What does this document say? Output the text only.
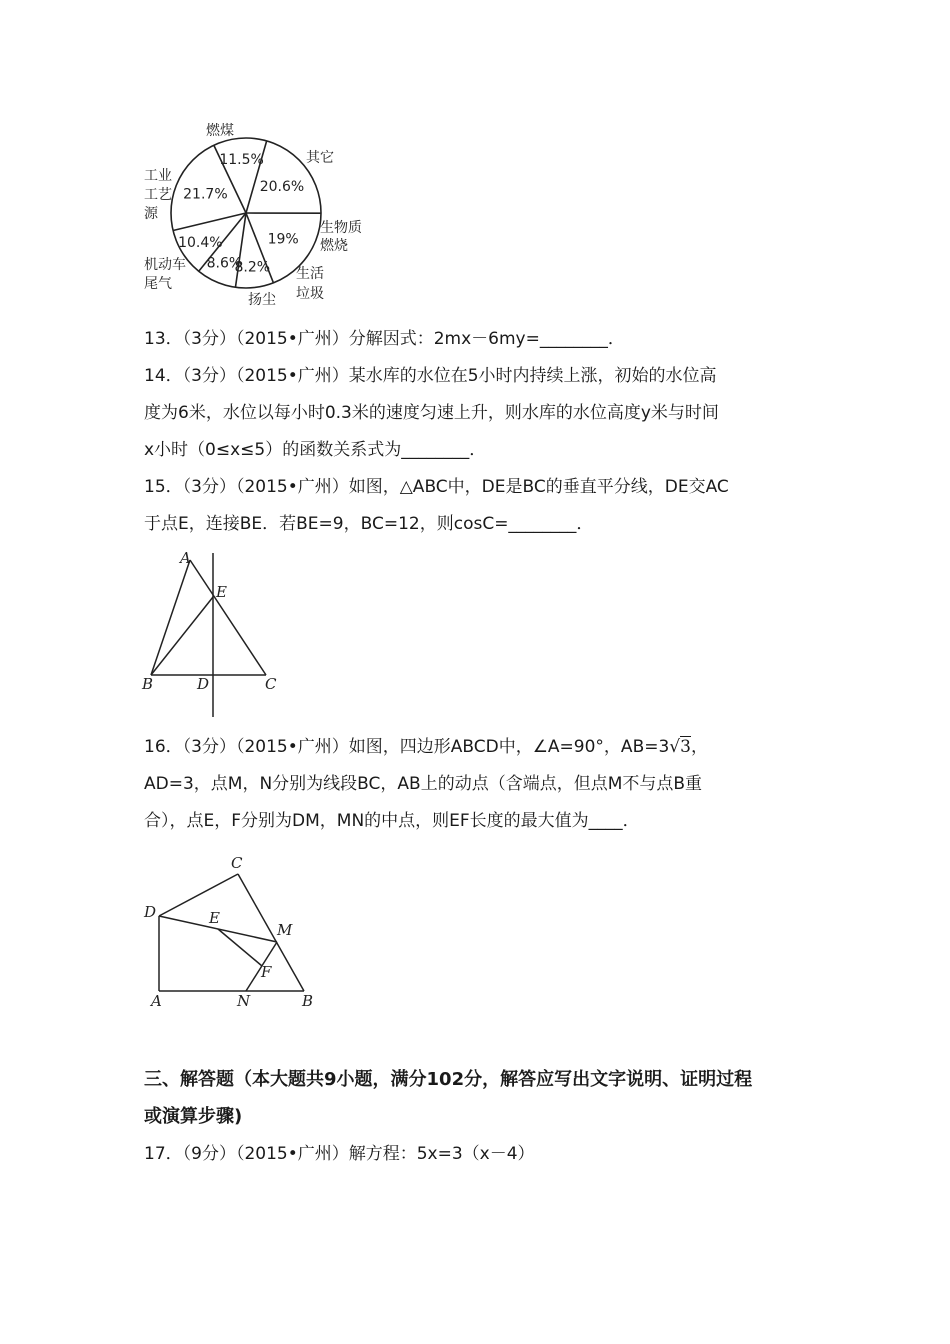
20.6%
19%
8.2%
8.6%
10.4%
21.7%
11.5%
燃煤
其它
生物质
燃烧
生活
垃圾
扬尘
机动车
尾气
工业
工艺
源
13．（3分）（2015•广州）分解因式：2mx－6my=________．
14．（3分）（2015•广州）某水库的水位在5小时内持续上涨，初始的水位高
度为6米，水位以每小时0.3米的速度匀速上升，则水库的水位高度y米与时间
x小时（0≤x≤5）的函数关系式为________．
15．（3分）（2015•广州）如图，△ABC中，DE是BC的垂直平分线，DE交AC
于点E，连接BE．若BE=9，BC=12，则cosC=________．
A
E
B	D	C
16．（3分）（2015•广州）如图，四边形ABCD中，∠A=90°，AB=3√3，
AD=3，点M，N分别为线段BC，AB上的动点（含端点，但点M不与点B重
合），点E，F分别为DM，MN的中点，则EF长度的最大值为____．
C
D	E
M
F
A	N	B
三、解答题（本大题共9小题，满分102分，解答应写出文字说明、证明过程
或演算步骤)
17．（9分）（2015•广州）解方程：5x=3（x－4）
